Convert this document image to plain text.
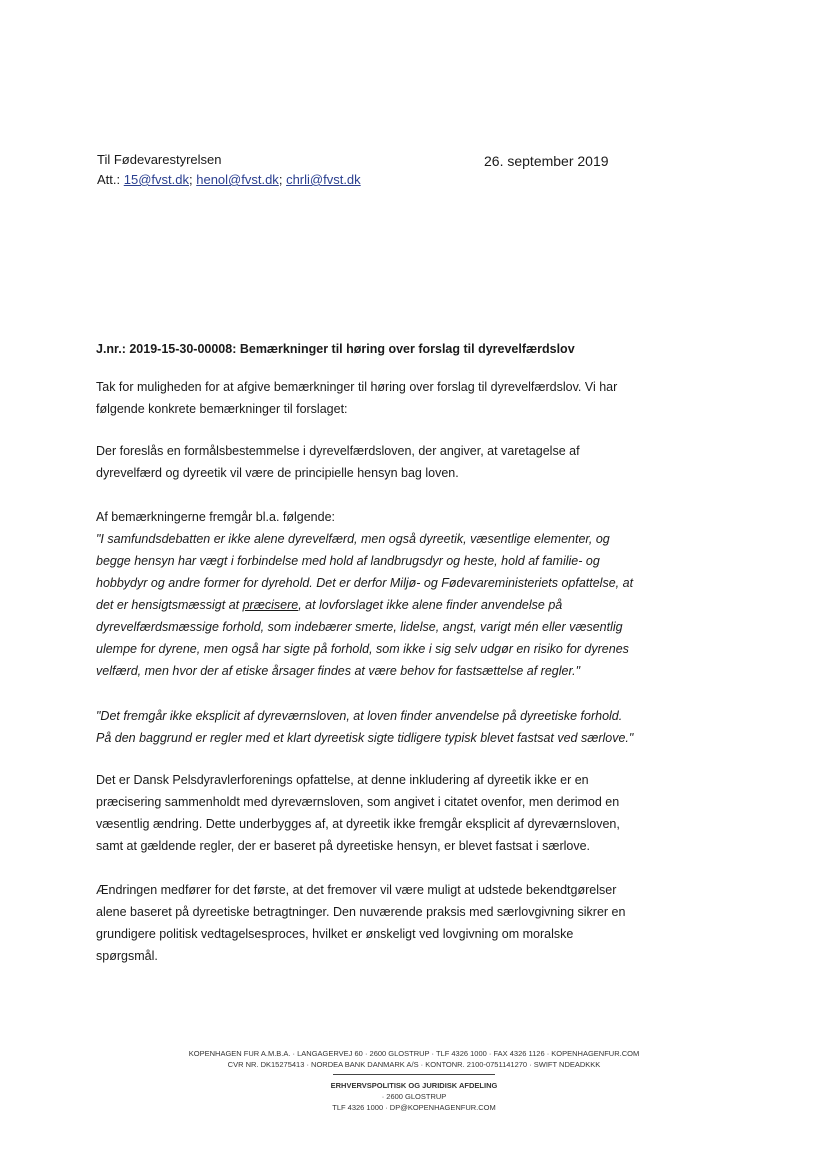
Til Fødevarestyrelsen
Att.: 15@fvst.dk; henol@fvst.dk; chrli@fvst.dk
26. september 2019
J.nr.: 2019-15-30-00008: Bemærkninger til høring over forslag til dyrevelfærdslov
Tak for muligheden for at afgive bemærkninger til høring over forslag til dyrevelfærdslov. Vi har
følgende konkrete bemærkninger til forslaget:
Der foreslås en formålsbestemmelse i dyrevelfærdsloven, der angiver, at varetagelse af
dyrevelfærd og dyreetik vil være de principielle hensyn bag loven.
Af bemærkningerne fremgår bl.a. følgende:
"I samfundsdebatten er ikke alene dyrevelfærd, men også dyreetik, væsentlige elementer, og
begge hensyn har vægt i forbindelse med hold af landbrugsdyr og heste, hold af familie- og
hobbydyr og andre former for dyrehold. Det er derfor Miljø- og Fødevareministeriets opfattelse, at
det er hensigtsmæssigt at præcisere, at lovforslaget ikke alene finder anvendelse på
dyrevelfærdsmæssige forhold, som indebærer smerte, lidelse, angst, varigt mén eller væsentlig
ulempe for dyrene, men også har sigte på forhold, som ikke i sig selv udgør en risiko for dyrenes
velfærd, men hvor der af etiske årsager findes at være behov for fastsættelse af regler."
"Det fremgår ikke eksplicit af dyreværnsloven, at loven finder anvendelse på dyreetiske forhold.
På den baggrund er regler med et klart dyreetisk sigte tidligere typisk blevet fastsat ved særlove."
Det er Dansk Pelsdyravlerforenings opfattelse, at denne inkludering af dyreetik ikke er en
præcisering sammenholdt med dyreværnsloven, som angivet i citatet ovenfor, men derimod en
væsentlig ændring. Dette underbygges af, at dyreetik ikke fremgår eksplicit af dyreværnsloven,
samt at gældende regler, der er baseret på dyreetiske hensyn, er blevet fastsat i særlove.
Ændringen medfører for det første, at det fremover vil være muligt at udstede bekendtgørelser
alene baseret på dyreetiske betragtninger. Den nuværende praksis med særlovgivning sikrer en
grundigere politisk vedtagelsesproces, hvilket er ønskeligt ved lovgivning om moralske
spørgsmål.
KOPENHAGEN FUR A.M.B.A. · LANGAGERVEJ 60 · 2600 GLOSTRUP · TLF 4326 1000 · FAX 4326 1126 · KOPENHAGENFUR.COM
CVR NR. DK15275413 · NORDEA BANK DANMARK A/S · KONTONR. 2100-0751141270 · SWIFT NDEADKKK
ERHVERVSPOLITISK OG JURIDISK AFDELING
· 2600 GLOSTRUP
TLF 4326 1000 · DP@KOPENHAGENFUR.COM
